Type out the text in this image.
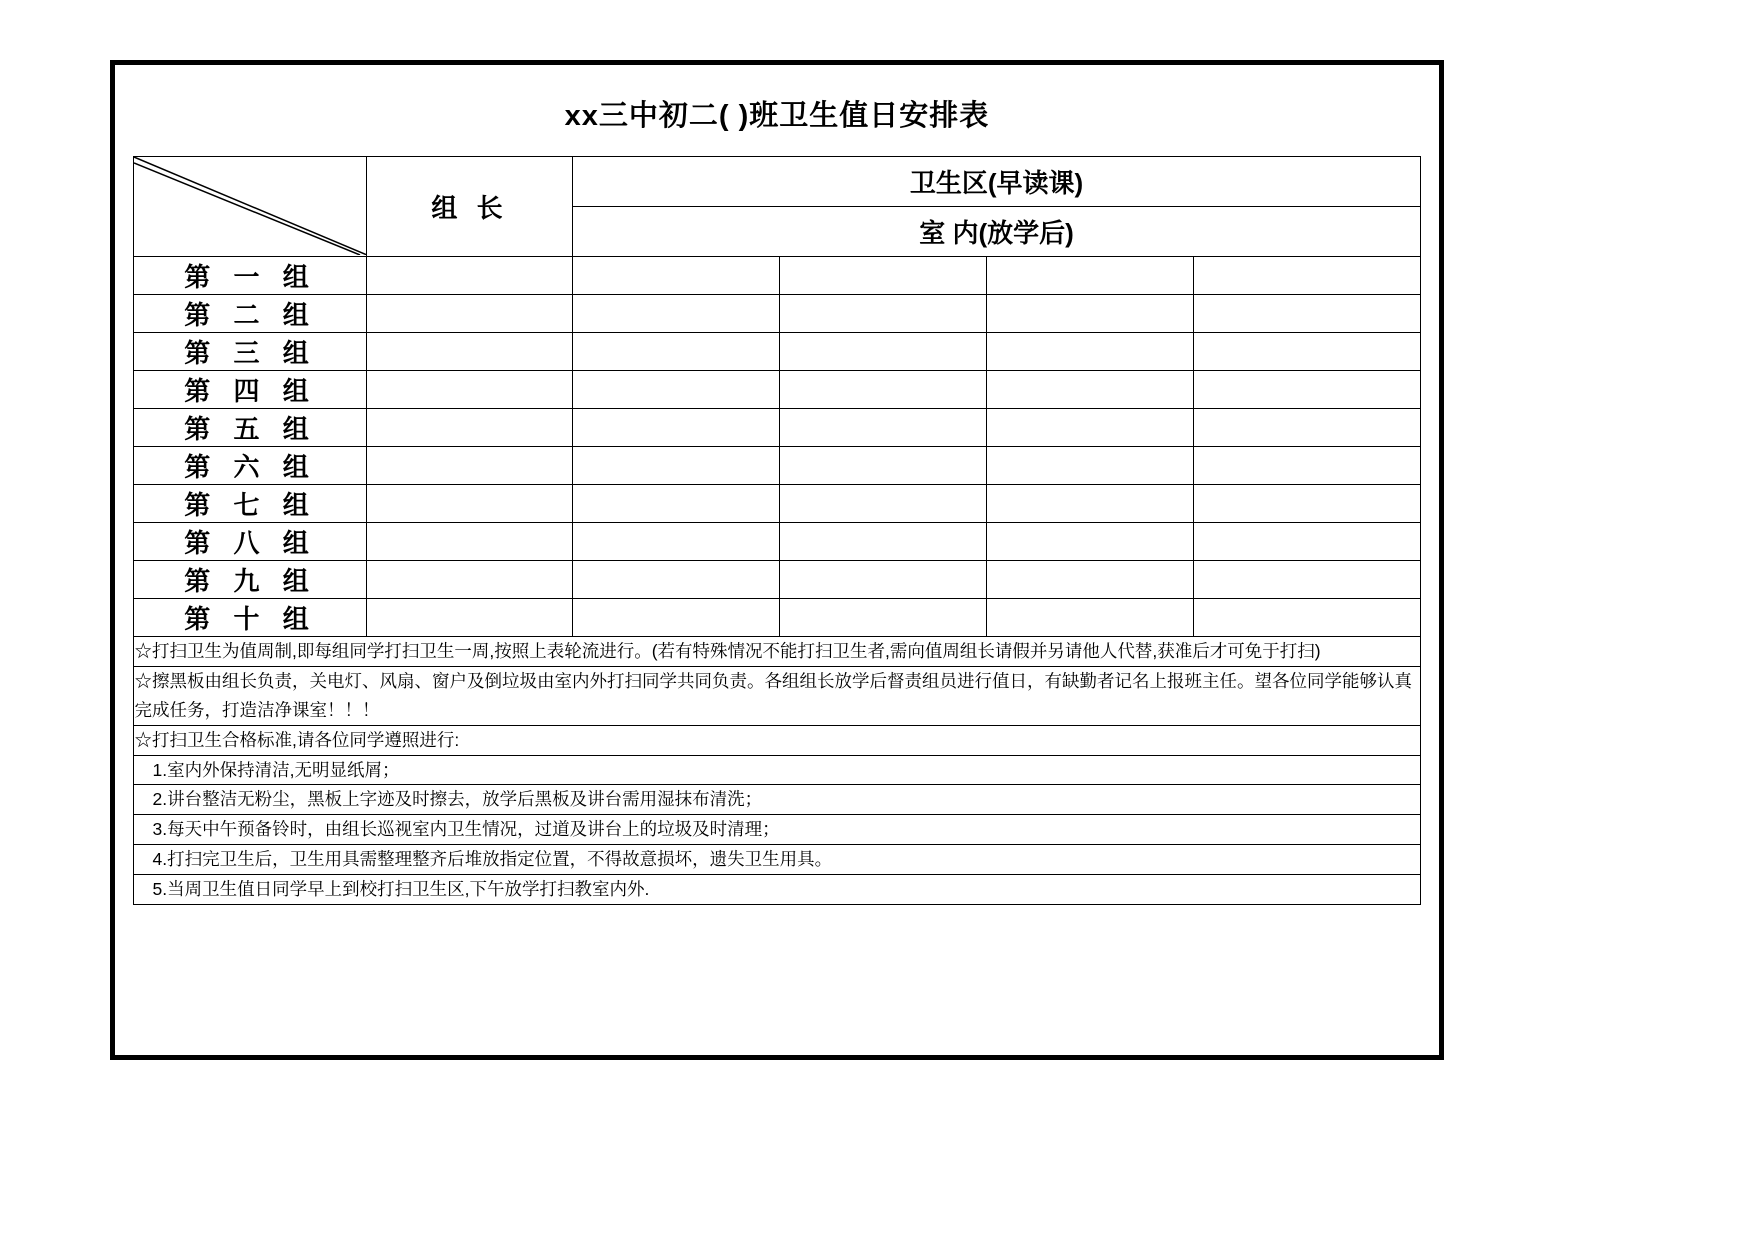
xx三中初二( )班卫生值日安排表
	组 长	卫生区(早读课)			
		室 内(放学后)			
第 一 组					
第 二 组					
第 三 组					
第 四 组					
第 五 组					
第 六 组					
第 七 组					
第 八 组					
第 九 组					
第 十 组					
☆打扫卫生为值周制,即每组同学打扫卫生一周,按照上表轮流进行。(若有特殊情况不能打扫卫生者,需向值周组长请假并另请他人代替,获准后才可免于打扫)					
☆擦黑板由组长负责，关电灯、风扇、窗户及倒垃圾由室内外打扫同学共同负责。各组组长放学后督责组员进行值日，有缺勤者记名上报班主任。望各位同学能够认真完成任务，打造洁净课室！！！					
☆打扫卫生合格标准,请各位同学遵照进行:					
1.室内外保持清洁,无明显纸屑；					
2.讲台整洁无粉尘，黑板上字迹及时擦去，放学后黑板及讲台需用湿抹布清洗；					
3.每天中午预备铃时，由组长巡视室内卫生情况，过道及讲台上的垃圾及时清理；					
4.打扫完卫生后，卫生用具需整理整齐后堆放指定位置，不得故意损坏，遗失卫生用具。					
5.当周卫生值日同学早上到校打扫卫生区,下午放学打扫教室内外.					
